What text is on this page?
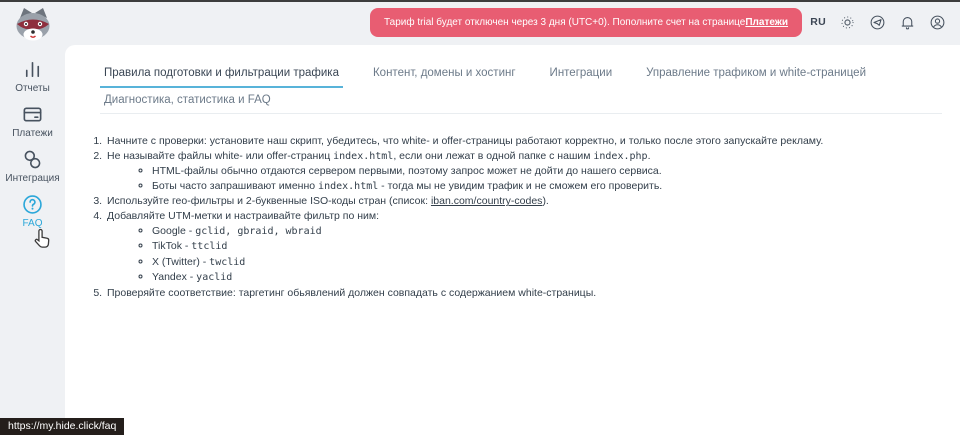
Тариф trial будет отключен через 3 дня (UTC+0). Пополните счет на странице Платежи RU
Отчеты
Платежи
Интеграция
FAQ
Правила подготовки и фильтрации трафика	Контент, домены и хостинг	Интеграции	Управление трафиком и white-страницей
Диагностика, статистика и FAQ
1. Начните с проверки: установите наш скрипт, убедитесь, что white- и offer-страницы работают корректно, и только после этого запускайте рекламу.
2. Не называйте файлы white- или offer-страниц index.html, если они лежат в одной папке с нашим index.php.
◦ HTML-файлы обычно отдаются сервером первыми, поэтому запрос может не дойти до нашего сервиса.
◦ Боты часто запрашивают именно index.html - тогда мы не увидим трафик и не сможем его проверить.
3. Используйте гео-фильтры и 2-буквенные ISO-коды стран (список: iban.com/country-codes).
4. Добавляйте UTM-метки и настраивайте фильтр по ним:
◦ Google - gclid, gbraid, wbraid
◦ TikTok - ttclid
◦ X (Twitter) - twclid
◦ Yandex - yaclid
5. Проверяйте соответствие: таргетинг обьявлений должен совпадать с содержанием white-страницы.
https://my.hide.click/faq
